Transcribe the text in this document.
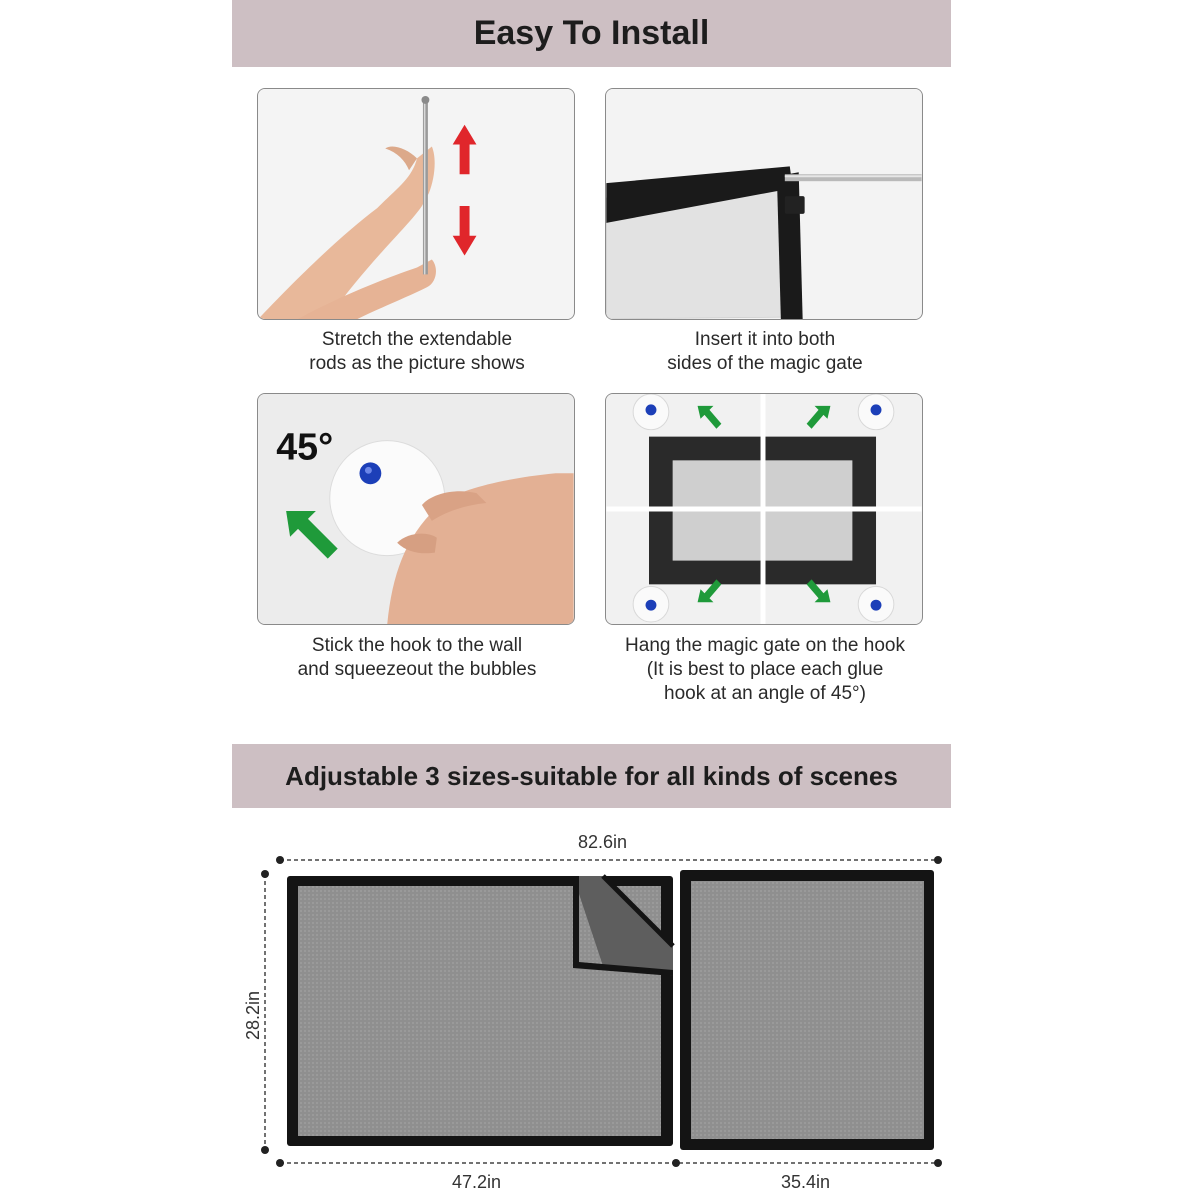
Easy To Install
Stretch the extendable
rods as the picture shows
Insert it into both
sides of the magic gate
45°
Stick the hook to the wall
and squeezeout the bubbles
Hang the magic gate on the hook
(It is best to place each glue
hook at an angle of 45°)
Adjustable 3 sizes-suitable for all kinds of scenes
82.6in
28.2in
47.2in	35.4in
